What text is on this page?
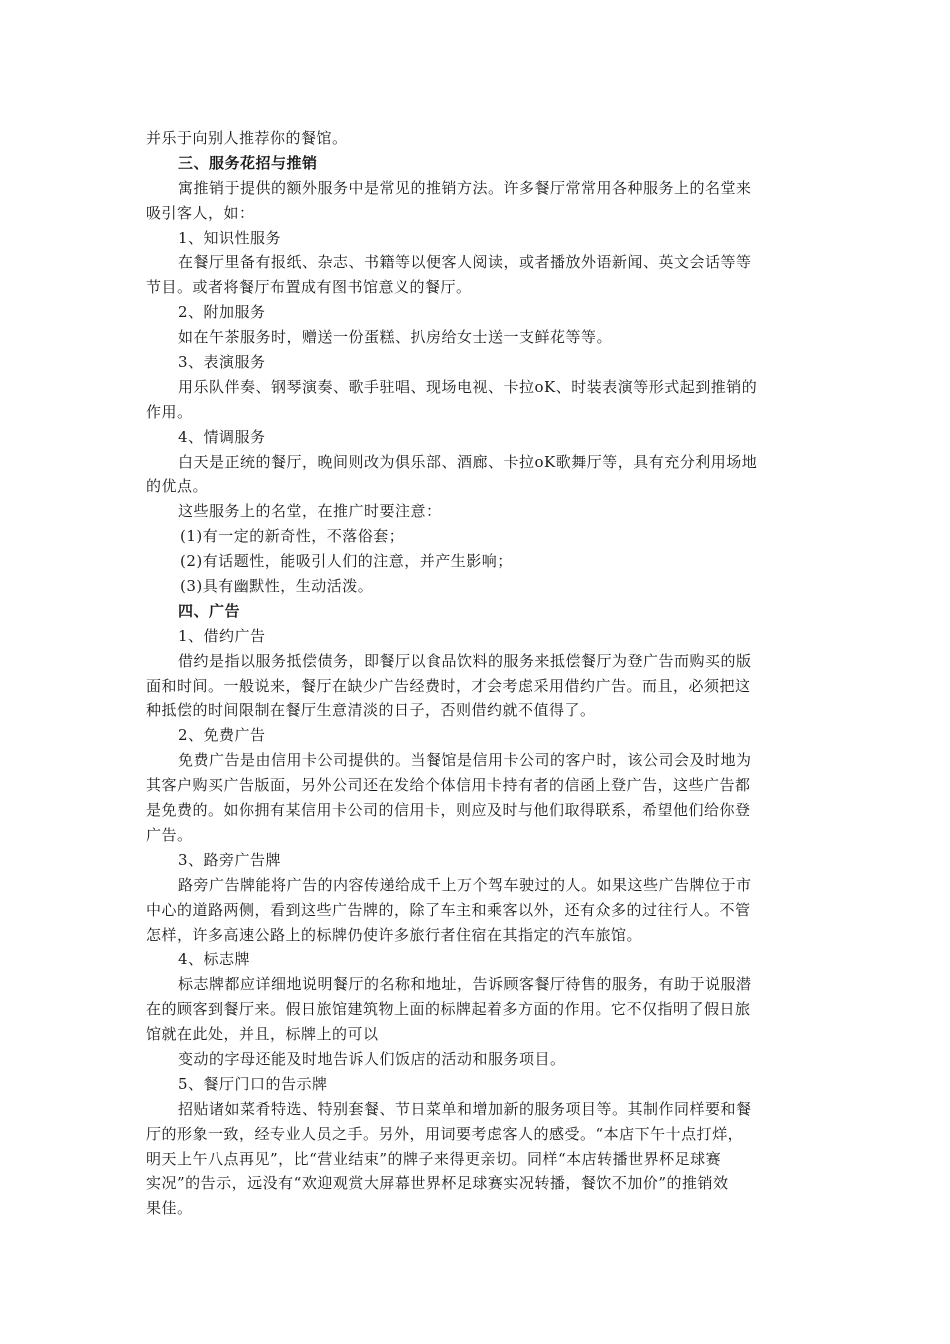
并乐于向别人推荐你的餐馆。
三、服务花招与推销
寓推销于提供的额外服务中是常见的推销方法。许多餐厅常常用各种服务上的名堂来
吸引客人，如：
1、知识性服务
在餐厅里备有报纸、杂志、书籍等以便客人阅读，或者播放外语新闻、英文会话等等
节目。或者将餐厅布置成有图书馆意义的餐厅。
2、附加服务
如在午茶服务时，赠送一份蛋糕、扒房给女士送一支鲜花等等。
3、表演服务
用乐队伴奏、钢琴演奏、歌手驻唱、现场电视、卡拉oK、时装表演等形式起到推销的
作用。
4、情调服务
白天是正统的餐厅，晚间则改为俱乐部、酒廊、卡拉oK歌舞厅等，具有充分利用场地
的优点。
这些服务上的名堂，在推广时要注意：
(1)有一定的新奇性，不落俗套；
(2)有话题性，能吸引人们的注意，并产生影响；
(3)具有幽默性，生动活泼。
四、广告
1、借约广告
借约是指以服务抵偿债务，即餐厅以食品饮料的服务来抵偿餐厅为登广告而购买的版
面和时间。一般说来，餐厅在缺少广告经费时，才会考虑采用借约广告。而且，必须把这
种抵偿的时间限制在餐厅生意清淡的日子，否则借约就不值得了。
2、免费广告
免费广告是由信用卡公司提供的。当餐馆是信用卡公司的客户时，该公司会及时地为
其客户购买广告版面，另外公司还在发给个体信用卡持有者的信函上登广告，这些广告都
是免费的。如你拥有某信用卡公司的信用卡，则应及时与他们取得联系，希望他们给你登
广告。
3、路旁广告牌
路旁广告牌能将广告的内容传递给成千上万个驾车驶过的人。如果这些广告牌位于市
中心的道路两侧，看到这些广告牌的，除了车主和乘客以外，还有众多的过往行人。不管
怎样，许多高速公路上的标牌仍使许多旅行者住宿在其指定的汽车旅馆。
4、标志牌
标志牌都应详细地说明餐厅的名称和地址，告诉顾客餐厅待售的服务，有助于说服潜
在的顾客到餐厅来。假日旅馆建筑物上面的标牌起着多方面的作用。它不仅指明了假日旅
馆就在此处，并且，标牌上的可以
变动的字母还能及时地告诉人们饭店的活动和服务项目。
5、餐厅门口的告示牌
招贴诸如菜肴特选、特别套餐、节日菜单和增加新的服务项目等。其制作同样要和餐
厅的形象一致，经专业人员之手。另外，用词要考虑客人的感受。“本店下午十点打烊，
明天上午八点再见”，比“营业结束”的牌子来得更亲切。同样“本店转播世界杯足球赛
实况”的告示，远没有“欢迎观赏大屏幕世界杯足球赛实况转播，餐饮不加价”的推销效
果佳。
